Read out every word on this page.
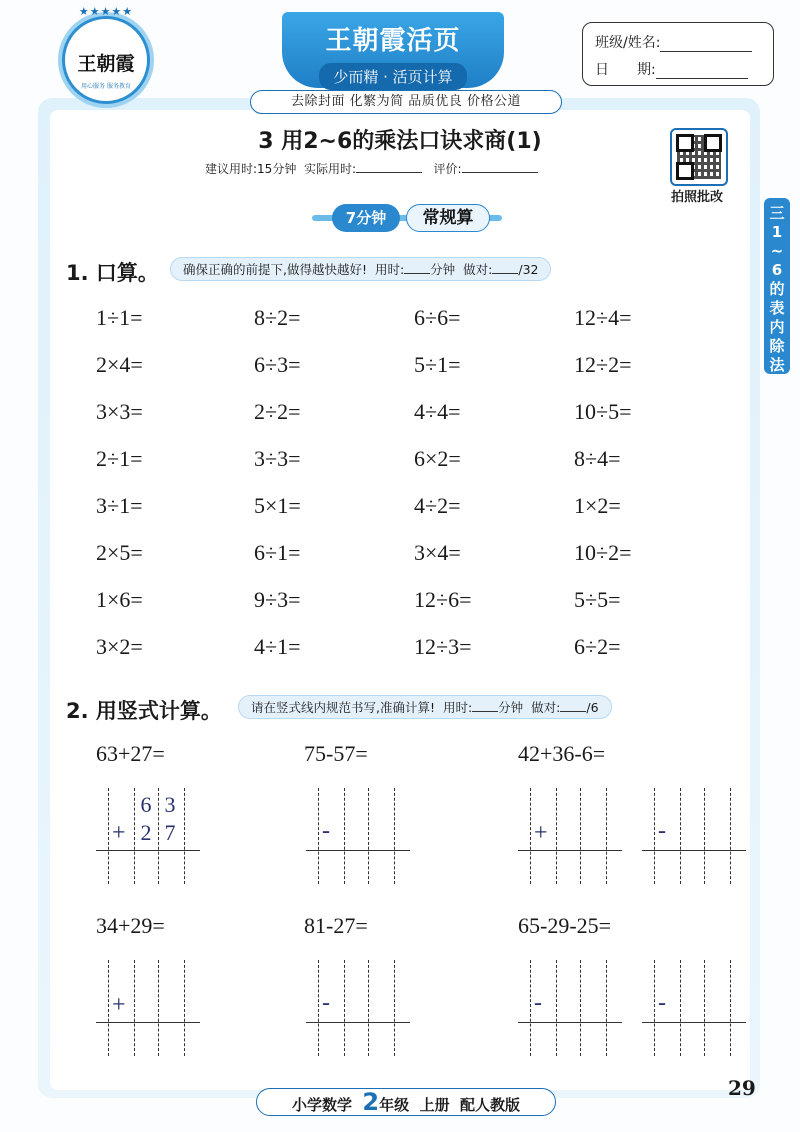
★★★★★
王朝霞
用心服务 服务教育
王朝霞活页
少而精 · 活页计算
去除封面 化繁为简 品质优良 价格公道
班级/姓名:
日　　期:
3 用2~6的乘法口诀求商(1)
建议用时:15分钟 实际用时:	评价:
拍照批改
7分钟	常规算	三
1
~
6
的
表
内
除
法
1. 口算。	确保正确的前提下,做得越快越好! 用时: 分钟 做对: /32
1÷1=	8÷2=	6÷6=	12÷4=
2×4=	6÷3=	5÷1=	12÷2=
3×3=	2÷2=	4÷4=	10÷5=
2÷1=	3÷3=	6×2=	8÷4=
3÷1=	5×1=	4÷2=	1×2=
2×5=	6÷1=	3×4=	10÷2=
1×6=	9÷3=	12÷6=	5÷5=
3×2=	4÷1=	12÷3=	6÷2=
2. 用竖式计算。	请在竖式线内规范书写,准确计算! 用时: 分钟 做对: /6
63+27=	75-57=	42+36-6=
34+29=	81-27=	65-29-25=
6 3
+ 2 7	-	+	-
+	-	-	-
小学数学 2年级 上册 配人教版
29
